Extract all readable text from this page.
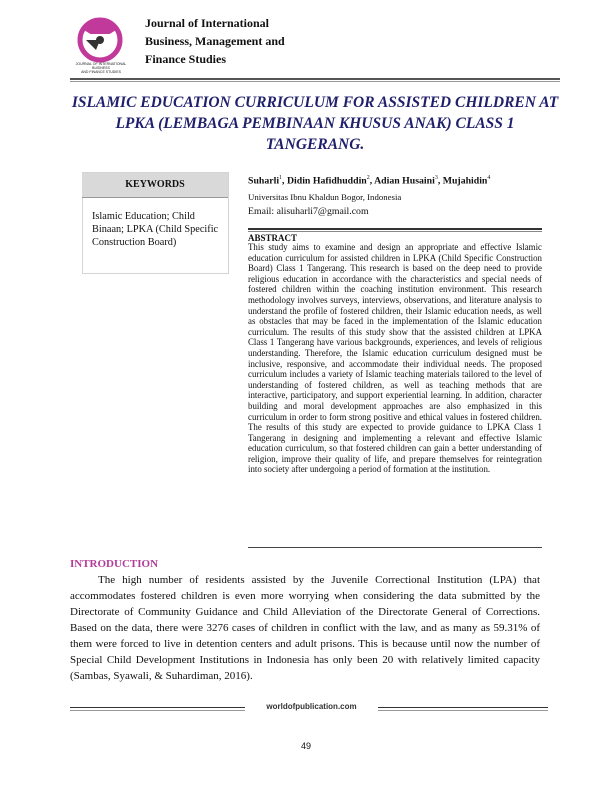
JOURNAL OF INTERNATIONAL BUSINESS
AND FINANCE STUDIES
Journal of International
Business, Management and
Finance Studies
ISLAMIC EDUCATION CURRICULUM FOR ASSISTED CHILDREN AT LPKA (LEMBAGA PEMBINAAN KHUSUS ANAK) CLASS 1 TANGERANG.
KEYWORDS
Islamic Education; Child Binaan; LPKA (Child Specific Construction Board)
Suharli$^1$, Didin Hafidhuddin$^2$, Adian Husaini$^3$, Mujahidin$^4$
Universitas Ibnu Khaldun Bogor, Indonesia
Email: alisuharli7@gmail.com
ABSTRACT
This study aims to examine and design an appropriate and effective Islamic education curriculum for assisted children in LPKA (Child Specific Construction Board) Class 1 Tangerang. This research is based on the deep need to provide religious education in accordance with the characteristics and special needs of fostered children within the coaching institution environment. This research methodology involves surveys, interviews, observations, and literature analysis to understand the profile of fostered children, their Islamic education needs, as well as obstacles that may be faced in the implementation of the Islamic education curriculum. The results of this study show that the assisted children at LPKA Class 1 Tangerang have various backgrounds, experiences, and levels of religious understanding. Therefore, the Islamic education curriculum designed must be inclusive, responsive, and accommodate their individual needs. The proposed curriculum includes a variety of Islamic teaching materials tailored to the level of understanding of fostered children, as well as teaching methods that are interactive, participatory, and support experiential learning. In addition, character building and moral development approaches are also emphasized in this curriculum in order to form strong positive and ethical values in fostered children. The results of this study are expected to provide guidance to LPKA Class 1 Tangerang in designing and implementing a relevant and effective Islamic education curriculum, so that fostered children can gain a better understanding of religion, improve their quality of life, and prepare themselves for reintegration into society after undergoing a period of formation at the institution.
INTRODUCTION
The high number of residents assisted by the Juvenile Correctional Institution (LPA) that accommodates fostered children is even more worrying when considering the data submitted by the Directorate of Community Guidance and Child Alleviation of the Directorate General of Corrections. Based on the data, there were 3276 cases of children in conflict with the law, and as many as 59.31% of them were forced to live in detention centers and adult prisons. This is because until now the number of Special Child Development Institutions in Indonesia has only been 20 with relatively limited capacity (Sambas, Syawali, & Suhardiman, 2016).
worldofpublication.com
49
